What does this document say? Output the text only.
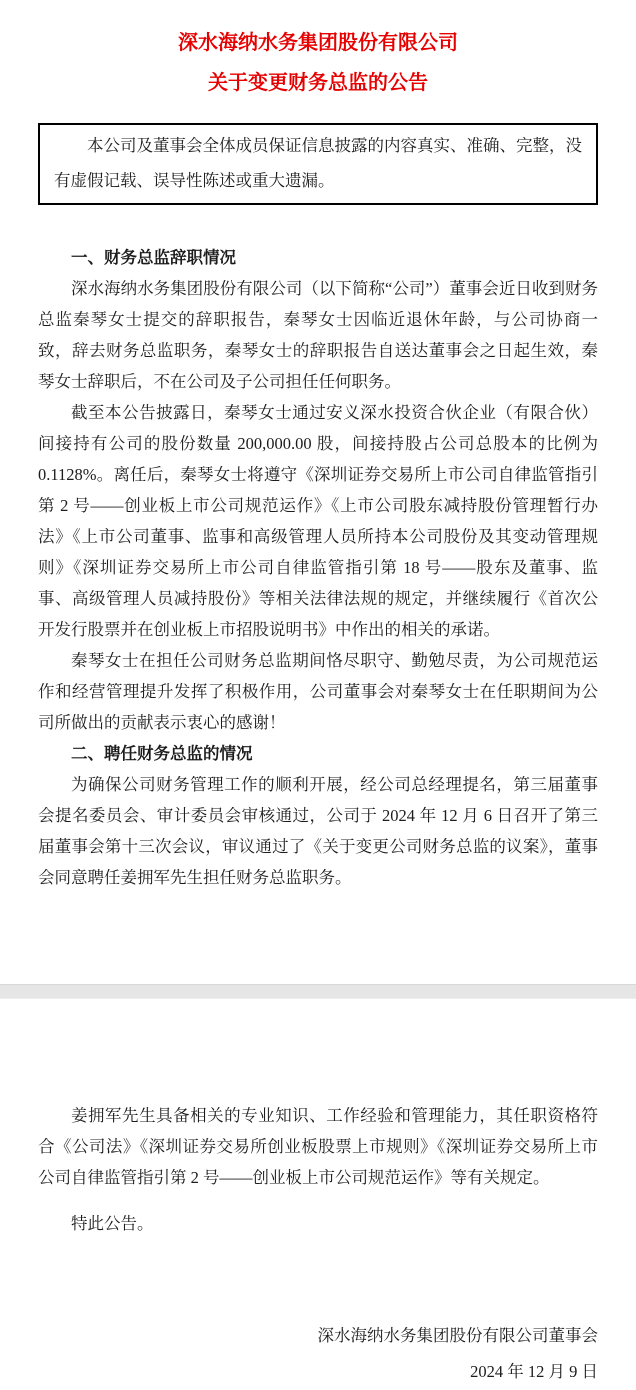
深水海纳水务集团股份有限公司
关于变更财务总监的公告

本公司及董事会全体成员保证信息披露的内容真实、准确、完整，没有虚假记载、误导性陈述或重大遗漏。

一、财务总监辞职情况

深水海纳水务集团股份有限公司（以下简称“公司”）董事会近日收到财务总监秦琴女士提交的辞职报告，秦琴女士因临近退休年龄，与公司协商一致，辞去财务总监职务，秦琴女士的辞职报告自送达董事会之日起生效，秦琴女士辞职后，不在公司及子公司担任任何职务。

截至本公告披露日，秦琴女士通过安义深水投资合伙企业（有限合伙）间接持有公司的股份数量 200,000.00 股，间接持股占公司总股本的比例为 0.1128%。离任后，秦琴女士将遵守《深圳证券交易所上市公司自律监管指引第 2 号——创业板上市公司规范运作》《上市公司股东减持股份管理暂行办法》《上市公司董事、监事和高级管理人员所持本公司股份及其变动管理规则》《深圳证券交易所上市公司自律监管指引第 18 号——股东及董事、监事、高级管理人员减持股份》等相关法律法规的规定，并继续履行《首次公开发行股票并在创业板上市招股说明书》中作出的相关的承诺。

秦琴女士在担任公司财务总监期间恪尽职守、勤勉尽责，为公司规范运作和经营管理提升发挥了积极作用，公司董事会对秦琴女士在任职期间为公司所做出的贡献表示衷心的感谢！

二、聘任财务总监的情况

为确保公司财务管理工作的顺利开展，经公司总经理提名，第三届董事会提名委员会、审计委员会审核通过，公司于 2024 年 12 月 6 日召开了第三届董事会第十三次会议，审议通过了《关于变更公司财务总监的议案》，董事会同意聘任姜拥军先生担任财务总监职务。

姜拥军先生具备相关的专业知识、工作经验和管理能力，其任职资格符合《公司法》《深圳证券交易所创业板股票上市规则》《深圳证券交易所上市公司自律监管指引第 2 号——创业板上市公司规范运作》等有关规定。

特此公告。

深水海纳水务集团股份有限公司董事会

2024 年 12 月 9 日
